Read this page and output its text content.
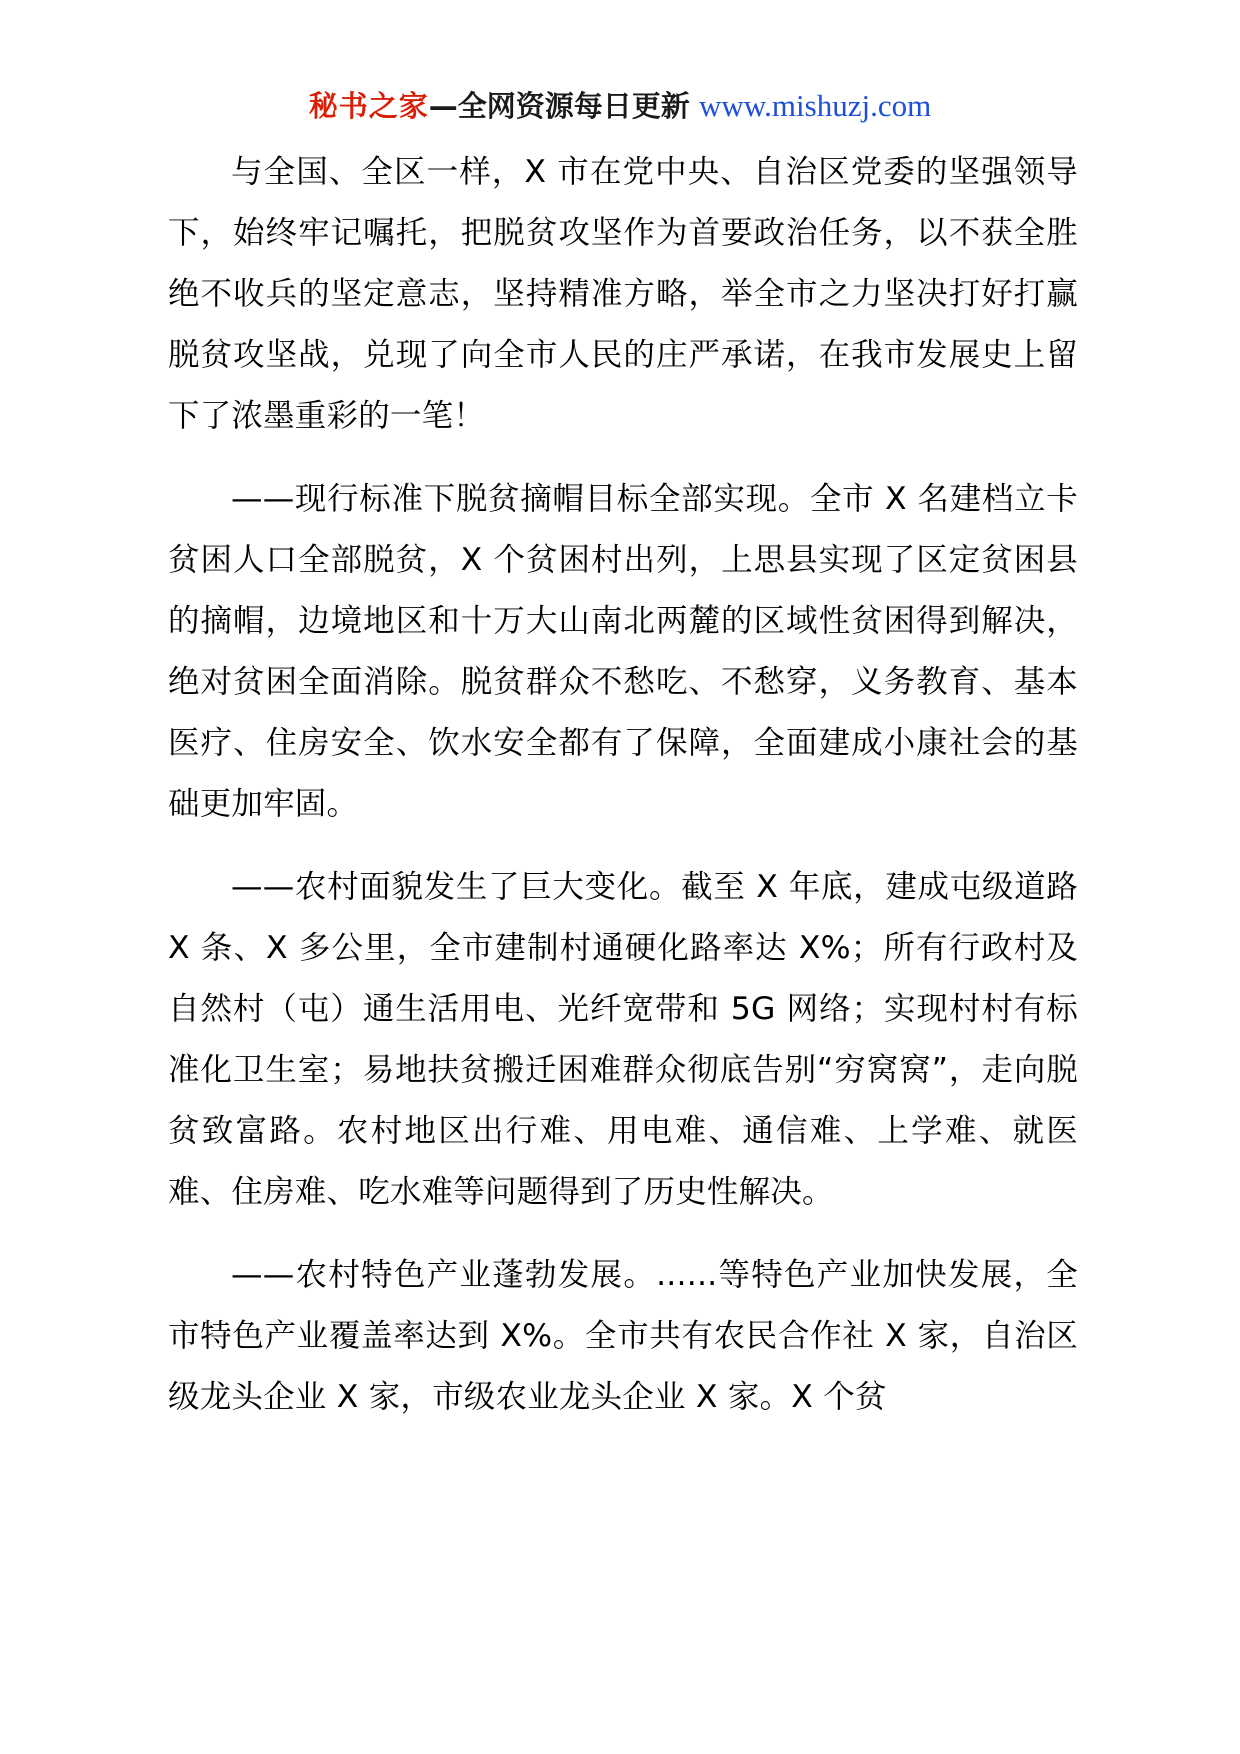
秘书之家—全网资源每日更新 www.mishuzj.com

与全国、全区一样，X 市在党中央、自治区党委的坚强领导下，始终牢记嘱托，把脱贫攻坚作为首要政治任务，以不获全胜绝不收兵的坚定意志，坚持精准方略，举全市之力坚决打好打赢脱贫攻坚战，兑现了向全市人民的庄严承诺，在我市发展史上留下了浓墨重彩的一笔！

——现行标准下脱贫摘帽目标全部实现。全市 X 名建档立卡贫困人口全部脱贫，X 个贫困村出列，上思县实现了区定贫困县的摘帽，边境地区和十万大山南北两麓的区域性贫困得到解决，绝对贫困全面消除。脱贫群众不愁吃、不愁穿，义务教育、基本医疗、住房安全、饮水安全都有了保障，全面建成小康社会的基础更加牢固。

——农村面貌发生了巨大变化。截至 X 年底，建成屯级道路 X 条、X 多公里，全市建制村通硬化路率达 X%；所有行政村及自然村（屯）通生活用电、光纤宽带和 5G 网络；实现村村有标准化卫生室；易地扶贫搬迁困难群众彻底告别“穷窝窝”，走向脱贫致富路。农村地区出行难、用电难、通信难、上学难、就医难、住房难、吃水难等问题得到了历史性解决。

——农村特色产业蓬勃发展。......等特色产业加快发展，全市特色产业覆盖率达到 X%。全市共有农民合作社 X 家，自治区级龙头企业 X 家，市级农业龙头企业 X 家。X 个贫
